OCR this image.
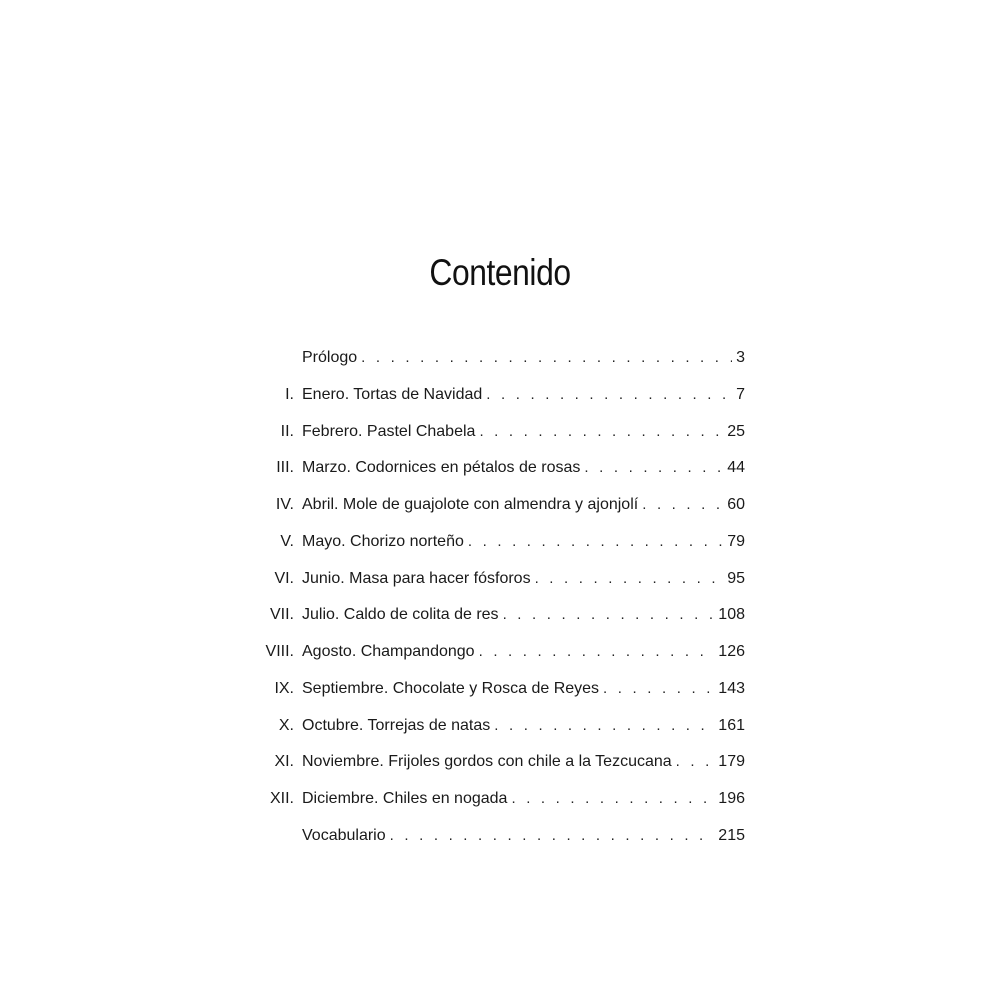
Contenido
Prólogo . . .	3
I. Enero. Tortas de Navidad . . .	7
II. Febrero. Pastel Chabela . . .	25
III. Marzo. Codornices en pétalos de rosas . . .	44
IV. Abril. Mole de guajolote con almendra y ajonjolí . . .	60
V. Mayo. Chorizo norteño . . .	79
VI. Junio. Masa para hacer fósforos . . .	95
VII. Julio. Caldo de colita de res . . .	108
VIII. Agosto. Champandongo . . .	126
IX. Septiembre. Chocolate y Rosca de Reyes . . .	143
X. Octubre. Torrejas de natas . . .	161
XI. Noviembre. Frijoles gordos con chile a la Tezcucana . . .	179
XII. Diciembre. Chiles en nogada . . .	196
Vocabulario . . .	215
